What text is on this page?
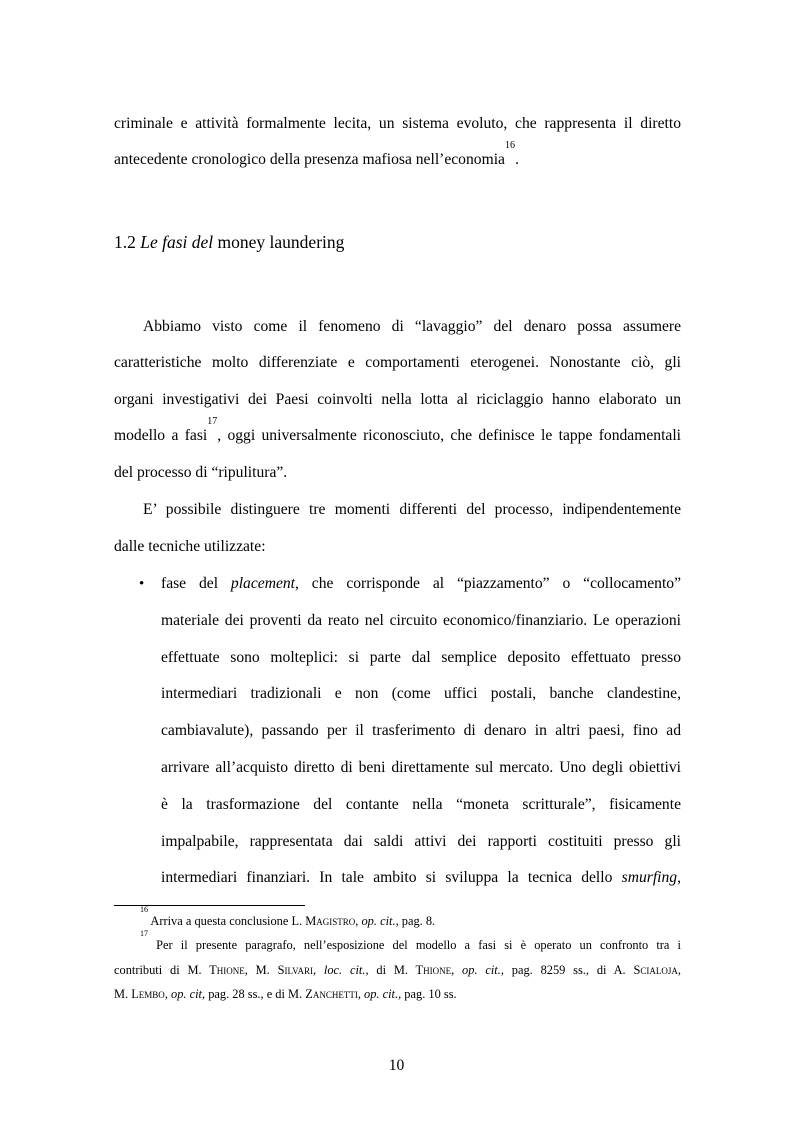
criminale e attività formalmente lecita, un sistema evoluto, che rappresenta il diretto
antecedente cronologico della presenza mafiosa nell’economia$^{16}$.
1.2 Le fasi del money laundering
Abbiamo visto come il fenomeno di “lavaggio” del denaro possa assumere
caratteristiche molto differenziate e comportamenti eterogenei. Nonostante ciò, gli
organi investigativi dei Paesi coinvolti nella lotta al riciclaggio hanno elaborato un
modello a fasi$^{17}$, oggi universalmente riconosciuto, che definisce le tappe fondamentali
del processo di “ripulitura”.
E’ possibile distinguere tre momenti differenti del processo, indipendentemente
dalle tecniche utilizzate:
• fase del placement, che corrisponde al “piazzamento” o “collocamento”
materiale dei proventi da reato nel circuito economico/finanziario. Le operazioni
effettuate sono molteplici: si parte dal semplice deposito effettuato presso
intermediari tradizionali e non (come uffici postali, banche clandestine,
cambiavalute), passando per il trasferimento di denaro in altri paesi, fino ad
arrivare all’acquisto diretto di beni direttamente sul mercato. Uno degli obiettivi
è la trasformazione del contante nella “moneta scritturale”, fisicamente
impalpabile, rappresentata dai saldi attivi dei rapporti costituiti presso gli
intermediari finanziari. In tale ambito si sviluppa la tecnica dello smurfing,
$^{16}$ Arriva a questa conclusione L. Magistro, op. cit., pag. 8.
$^{17}$ Per il presente paragrafo, nell’esposizione del modello a fasi si è operato un confronto tra i
contributi di M. Thione, M. Silvari, loc. cit., di M. Thione, op. cit., pag. 8259 ss., di A. Scialoja,
M. Lembo, op. cit, pag. 28 ss., e di M. Zanchetti, op. cit., pag. 10 ss.
10
